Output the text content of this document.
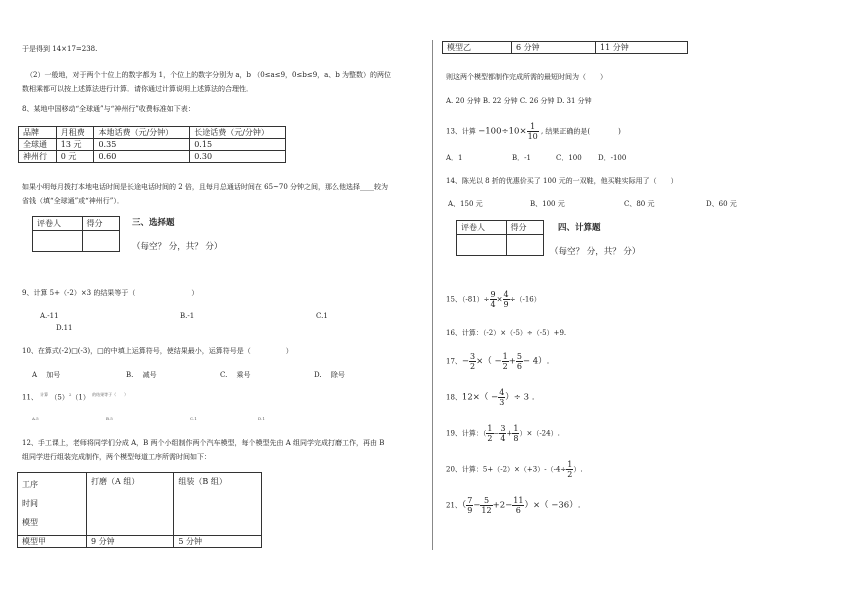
于是得到 14×17=238.
（2）一般地，对于两个十位上的数字都为 1，个位上的数字分别为 a，b （0≤a≤9，0≤b≤9，a、b 为整数）的两位
数相乘都可以按上述算法进行计算．请你通过计算说明上述算法的合理性．
8、某地中国移动“全球通”与“神州行”收费标准如下表：
品牌	月租费	本地话费（元/分钟）	长途话费（元/分钟）
全球通	13 元	0.35	0.15
神州行	0 元	0.60	0.30
如果小明每月拨打本地电话时间是长途电话时间的 2 倍，且每月总通话时间在 65~70 分钟之间，那么他选择____较为
省钱（填“全球通”或“神州行”）．
评卷人	得分
		三、选择题
（每空？ 分，共？ 分）
9、计算 5+（-2）×3 的结果等于（　　　　　　　　）
A.-11	B.-1	C.1
D.11
10、在算式(-2)□(-3)，□的中填上运算符号，使结果最小，运算符号是（　　　　　）
A　 加号	B.　 减号	C.　 乘号	D.　 除号
11、 $^{计算}$ $(5)^2(1)$ $^{的结果等于( )}$
A.5	B.5	C.1	D.1
12、手工课上，老师将同学们分成 A，B 两个小组制作两个汽车模型，每个模型先由 A 组同学完成打磨工作，再由 B
组同学进行组装完成制作，两个模型每道工序所需时间如下：
工序
时间
模型	打磨（A 组）	组装（B 组）
模型甲	9 分钟	5 分钟
模型乙	6 分钟	11 分钟
则这两个模型都制作完成所需的最短时间为（　　）
A. 20 分钟 B. 22 分钟 C. 26 分钟 D. 31 分钟
13、计算 $-100\div 10\times \frac{1}{10}$ , 结果正确的是(　　　　)
A．1	B．-1	C．100 D．-100
14、陈光以 8 折的优惠价买了 100 元的一双鞋，他买鞋实际用了（　　）
A、150 元	B、100 元	C、80 元	D、60 元
评卷人	得分
		四、计算题
（每空？ 分，共？ 分）
15、$(-81)\div \frac{9}{4} \times \frac{4}{9} \div(-16)$
16、计算：（-2）×（-5）÷（-5）+9.
17、− $\frac{3}{2}$ ×（ − $\frac{1}{2} + \frac{5}{6} - 4$）.
18、$12\times( - \frac{4}{3}$ ）÷ 3 .
19、计算：（ $\frac{1}{2} - \frac{3}{4} + \frac{1}{8} )\times(-24)$.
20、计算：$5+(-2)\times(+3)-(-4\div \frac{1}{2}$ ）.
21、（ $\frac{7}{9} - \frac{5}{12} +2- \frac{11}{6}$ ）×（ −36）.
